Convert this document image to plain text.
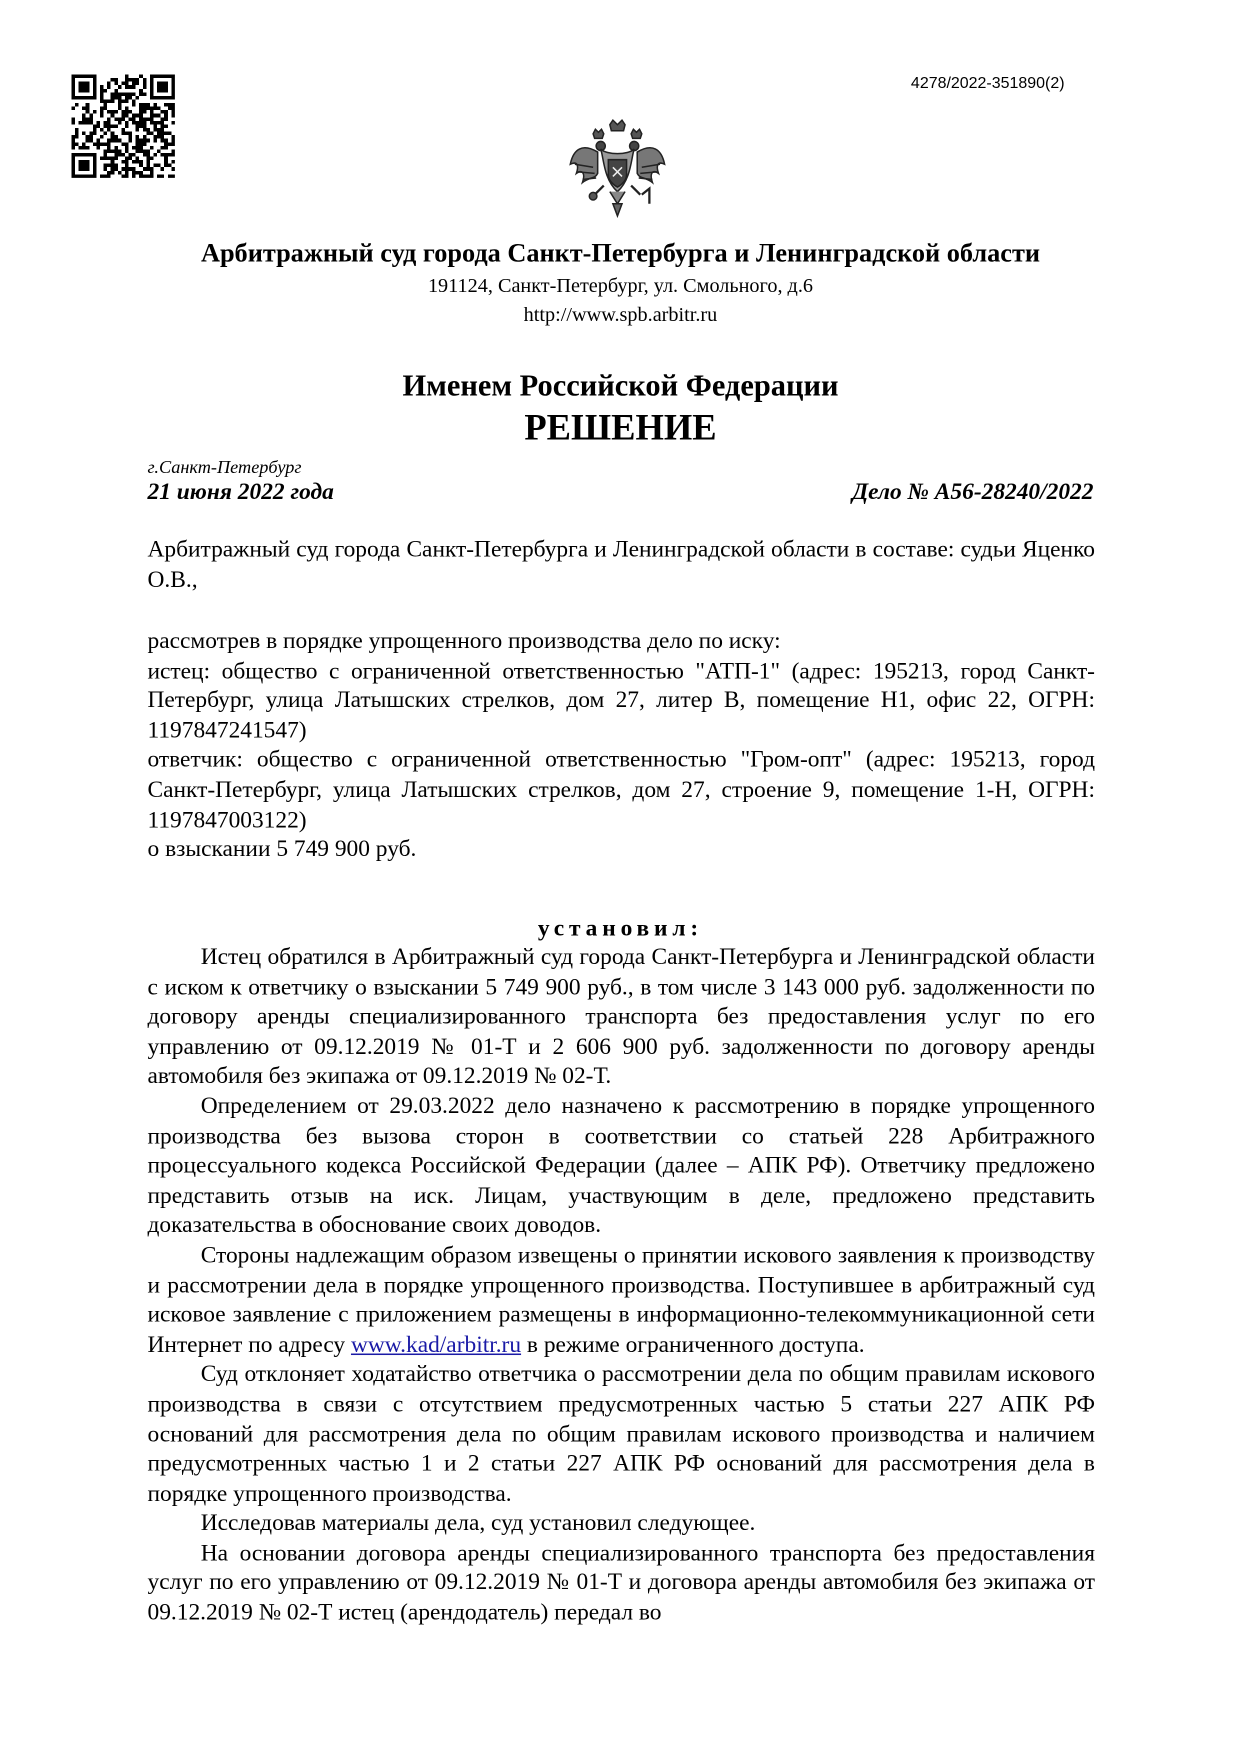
4278/2022-351890(2)
Арбитражный суд города Санкт-Петербурга и Ленинградской области
191124, Санкт-Петербург, ул. Смольного, д.6
http://www.spb.arbitr.ru
Именем Российской Федерации
РЕШЕНИЕ
г.Санкт-Петербург
21 июня 2022 года	Дело № А56-28240/2022

Арбитражный суд города Санкт-Петербурга и Ленинградской области в составе: судьи Яценко О.В.,

рассмотрев в порядке упрощенного производства дело по иску:

истец: общество с ограниченной ответственностью "АТП-1" (адрес: 195213, город Санкт-Петербург, улица Латышских стрелков, дом 27, литер В, помещение Н1, офис 22, ОГРН: 1197847241547)

ответчик: общество с ограниченной ответственностью "Гром-опт" (адрес: 195213, город Санкт-Петербург, улица Латышских стрелков, дом 27, строение 9, помещение 1-Н, ОГРН: 1197847003122)

о взыскании 5 749 900 руб.

установил:

Истец обратился в Арбитражный суд города Санкт-Петербурга и Ленинградской области с иском к ответчику о взыскании 5 749 900 руб., в том числе 3 143 000 руб. задолженности по договору аренды специализированного транспорта без предоставления услуг по его управлению от 09.12.2019 № 01-Т и 2 606 900 руб. задолженности по договору аренды автомобиля без экипажа от 09.12.2019 № 02-Т.

Определением от 29.03.2022 дело назначено к рассмотрению в порядке упрощенного производства без вызова сторон в соответствии со статьей 228 Арбитражного процессуального кодекса Российской Федерации (далее – АПК РФ). Ответчику предложено представить отзыв на иск. Лицам, участвующим в деле, предложено представить доказательства в обоснование своих доводов.

Стороны надлежащим образом извещены о принятии искового заявления к производству и рассмотрении дела в порядке упрощенного производства. Поступившее в арбитражный суд исковое заявление с приложением размещены в информационно-телекоммуникационной сети Интернет по адресу www.kad/arbitr.ru в режиме ограниченного доступа.

Суд отклоняет ходатайство ответчика о рассмотрении дела по общим правилам искового производства в связи с отсутствием предусмотренных частью 5 статьи 227 АПК РФ оснований для рассмотрения дела по общим правилам искового производства и наличием предусмотренных частью 1 и 2 статьи 227 АПК РФ оснований для рассмотрения дела в порядке упрощенного производства.

Исследовав материалы дела, суд установил следующее.

На основании договора аренды специализированного транспорта без предоставления услуг по его управлению от 09.12.2019 № 01-Т и договора аренды автомобиля без экипажа от 09.12.2019 № 02-Т истец (арендодатель) передал во
